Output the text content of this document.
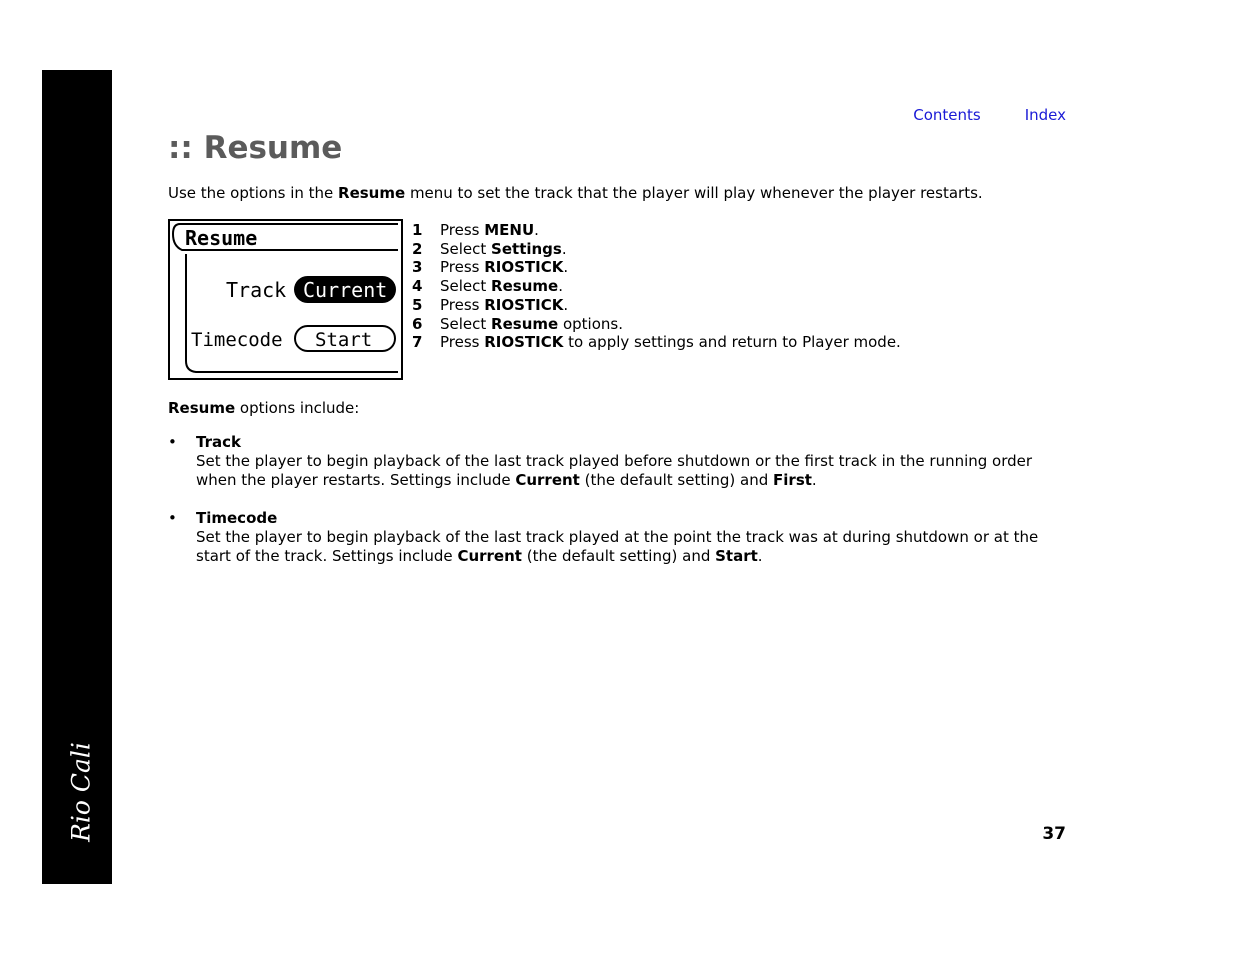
Rio Cali
Contents	Index
:: Resume

Use the options in the Resume menu to set the track that the player will play whenever the player restarts.

Resume
Track Current
Timecode Start
1 Press MENU.
2 Select Settings.
3 Press RIOSTICK.
4 Select Resume.
5 Press RIOSTICK.
6 Select Resume options.
7 Press RIOSTICK to apply settings and return to Player mode.

Resume options include:

• Track
Set the player to begin playback of the last track played before shutdown or the first track in the running order when the player restarts. Settings include Current (the default setting) and First.
• Timecode
Set the player to begin playback of the last track played at the point the track was at during shutdown or at the start of the track. Settings include Current (the default setting) and Start.
37
